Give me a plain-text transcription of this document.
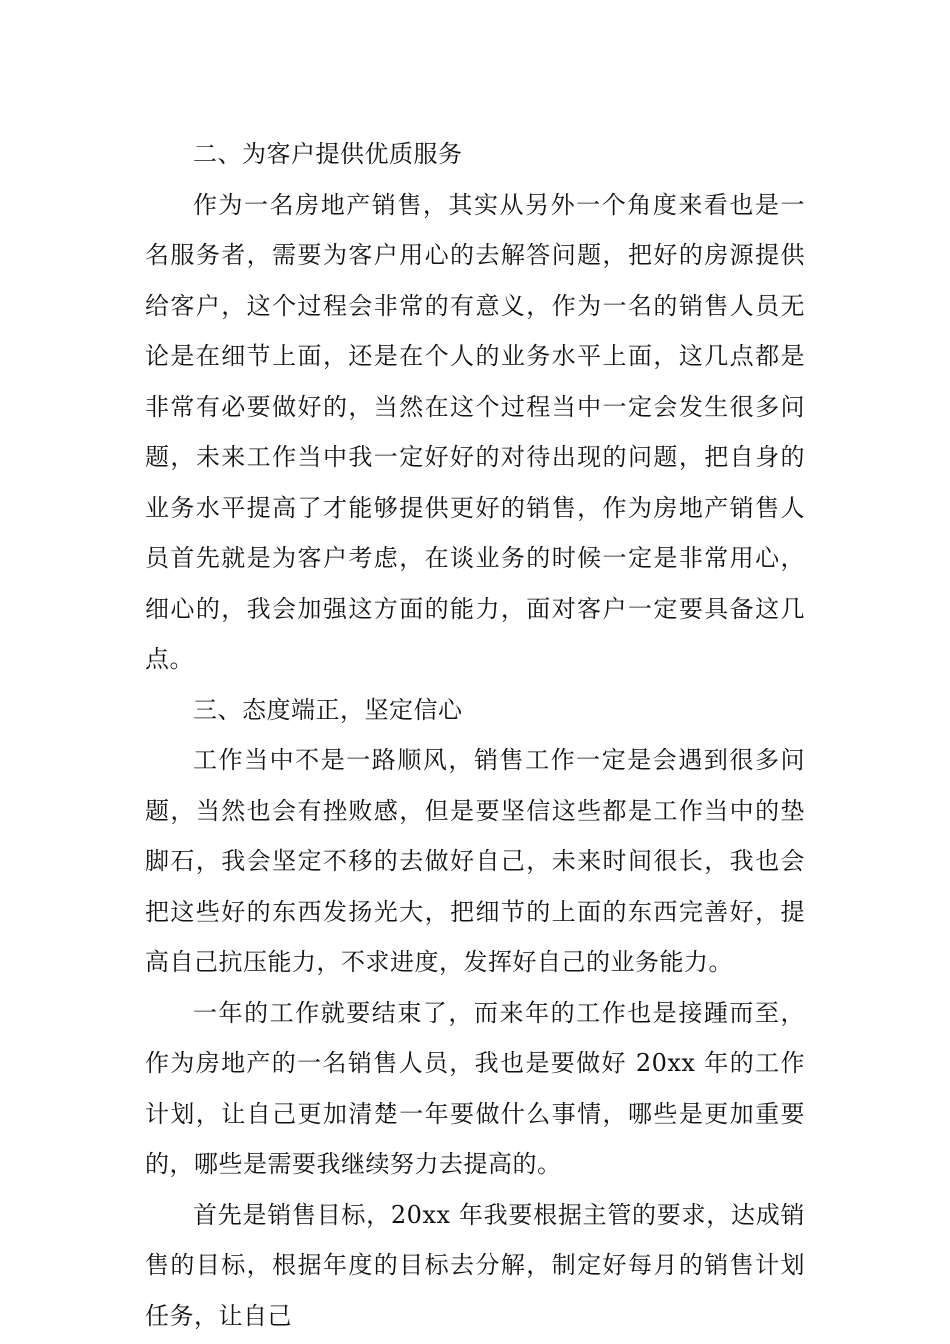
二、为客户提供优质服务

作为一名房地产销售，其实从另外一个角度来看也是一名服务者，需要为客户用心的去解答问题，把好的房源提供给客户，这个过程会非常的有意义，作为一名的销售人员无论是在细节上面，还是在个人的业务水平上面，这几点都是非常有必要做好的，当然在这个过程当中一定会发生很多问题，未来工作当中我一定好好的对待出现的问题，把自身的业务水平提高了才能够提供更好的销售，作为房地产销售人员首先就是为客户考虑，在谈业务的时候一定是非常用心，细心的，我会加强这方面的能力，面对客户一定要具备这几点。

三、态度端正，坚定信心

工作当中不是一路顺风，销售工作一定是会遇到很多问题，当然也会有挫败感，但是要坚信这些都是工作当中的垫脚石，我会坚定不移的去做好自己，未来时间很长，我也会把这些好的东西发扬光大，把细节的上面的东西完善好，提高自己抗压能力，不求进度，发挥好自己的业务能力。

一年的工作就要结束了，而来年的工作也是接踵而至，作为房地产的一名销售人员，我也是要做好 20xx 年的工作计划，让自己更加清楚一年要做什么事情，哪些是更加重要的，哪些是需要我继续努力去提高的。

首先是销售目标，20xx 年我要根据主管的要求，达成销售的目标，根据年度的目标去分解，制定好每月的销售计划任务，让自己
